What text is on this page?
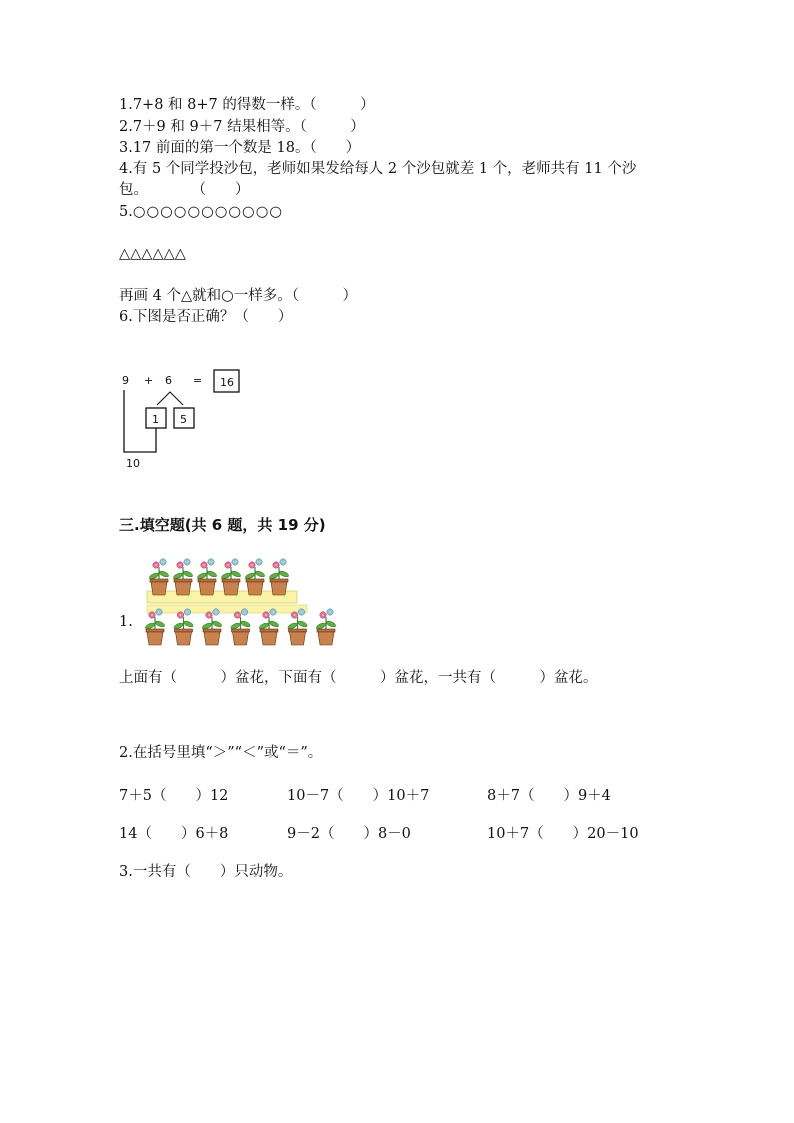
1.7+8 和 8+7 的得数一样。（　　　）
2.7＋9 和 9＋7 结果相等。（　　　）
3.17 前面的第一个数是 18。（　　）
4.有 5 个同学投沙包，老师如果发给每人 2 个沙包就差 1 个，老师共有 11 个沙
包。　　　　（　　）
5.○○○○○○○○○○○
△△△△△△
再画 4 个△就和○一样多。（　　　）
6.下图是否正确？（　　）
9 + 6 = 16
1 5
10
三.填空题(共 6 题，共 19 分)
1.
上面有（　　　）盆花，下面有（　　　）盆花，一共有（　　　）盆花。
2.在括号里填“＞”“＜”或“＝”。
7＋5（　　）12	10－7（　　）10＋7	8＋7（　　）9＋4
14（　　）6＋8	9－2（　　）8－0	10＋7（　　）20－10
3.一共有（　　）只动物。
